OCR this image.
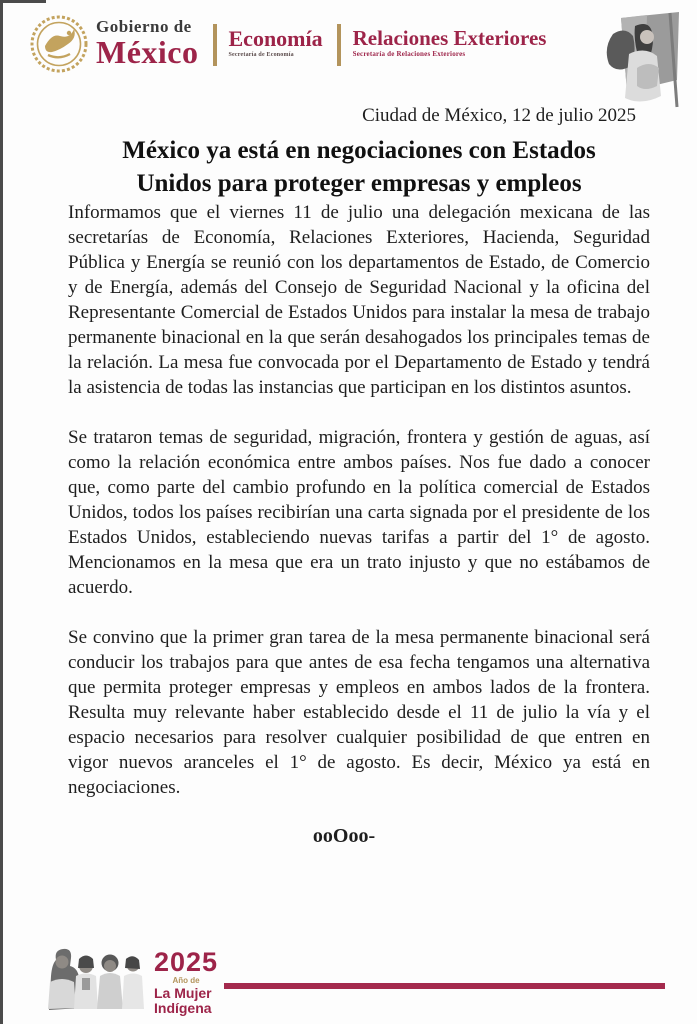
Gobierno de
México Economía
Secretaría de Economía
Relaciones Exteriores
Secretaría de Relaciones Exteriores

Ciudad de México, 12 de julio 2025

México ya está en negociaciones con Estados
Unidos para proteger empresas y empleos

Informamos que el viernes 11 de julio una delegación mexicana de las secretarías de Economía, Relaciones Exteriores, Hacienda, Seguridad Pública y Energía se reunió con los departamentos de Estado, de Comercio y de Energía, además del Consejo de Seguridad Nacional y la oficina del Representante Comercial de Estados Unidos para instalar la mesa de trabajo permanente binacional en la que serán desahogados los principales temas de la relación. La mesa fue convocada por el Departamento de Estado y tendrá la asistencia de todas las instancias que participan en los distintos asuntos.

Se trataron temas de seguridad, migración, frontera y gestión de aguas, así como la relación económica entre ambos países. Nos fue dado a conocer que, como parte del cambio profundo en la política comercial de Estados Unidos, todos los países recibirían una carta signada por el presidente de los Estados Unidos, estableciendo nuevas tarifas a partir del 1° de agosto. Mencionamos en la mesa que era un trato injusto y que no estábamos de acuerdo.

Se convino que la primer gran tarea de la mesa permanente binacional será conducir los trabajos para que antes de esa fecha tengamos una alternativa que permita proteger empresas y empleos en ambos lados de la frontera. Resulta muy relevante haber establecido desde el 11 de julio la vía y el espacio necesarios para resolver cualquier posibilidad de que entren en vigor nuevos aranceles el 1° de agosto. Es decir, México ya está en negociaciones.

ooOoo-

2025
Año de
La Mujer
Indígena
